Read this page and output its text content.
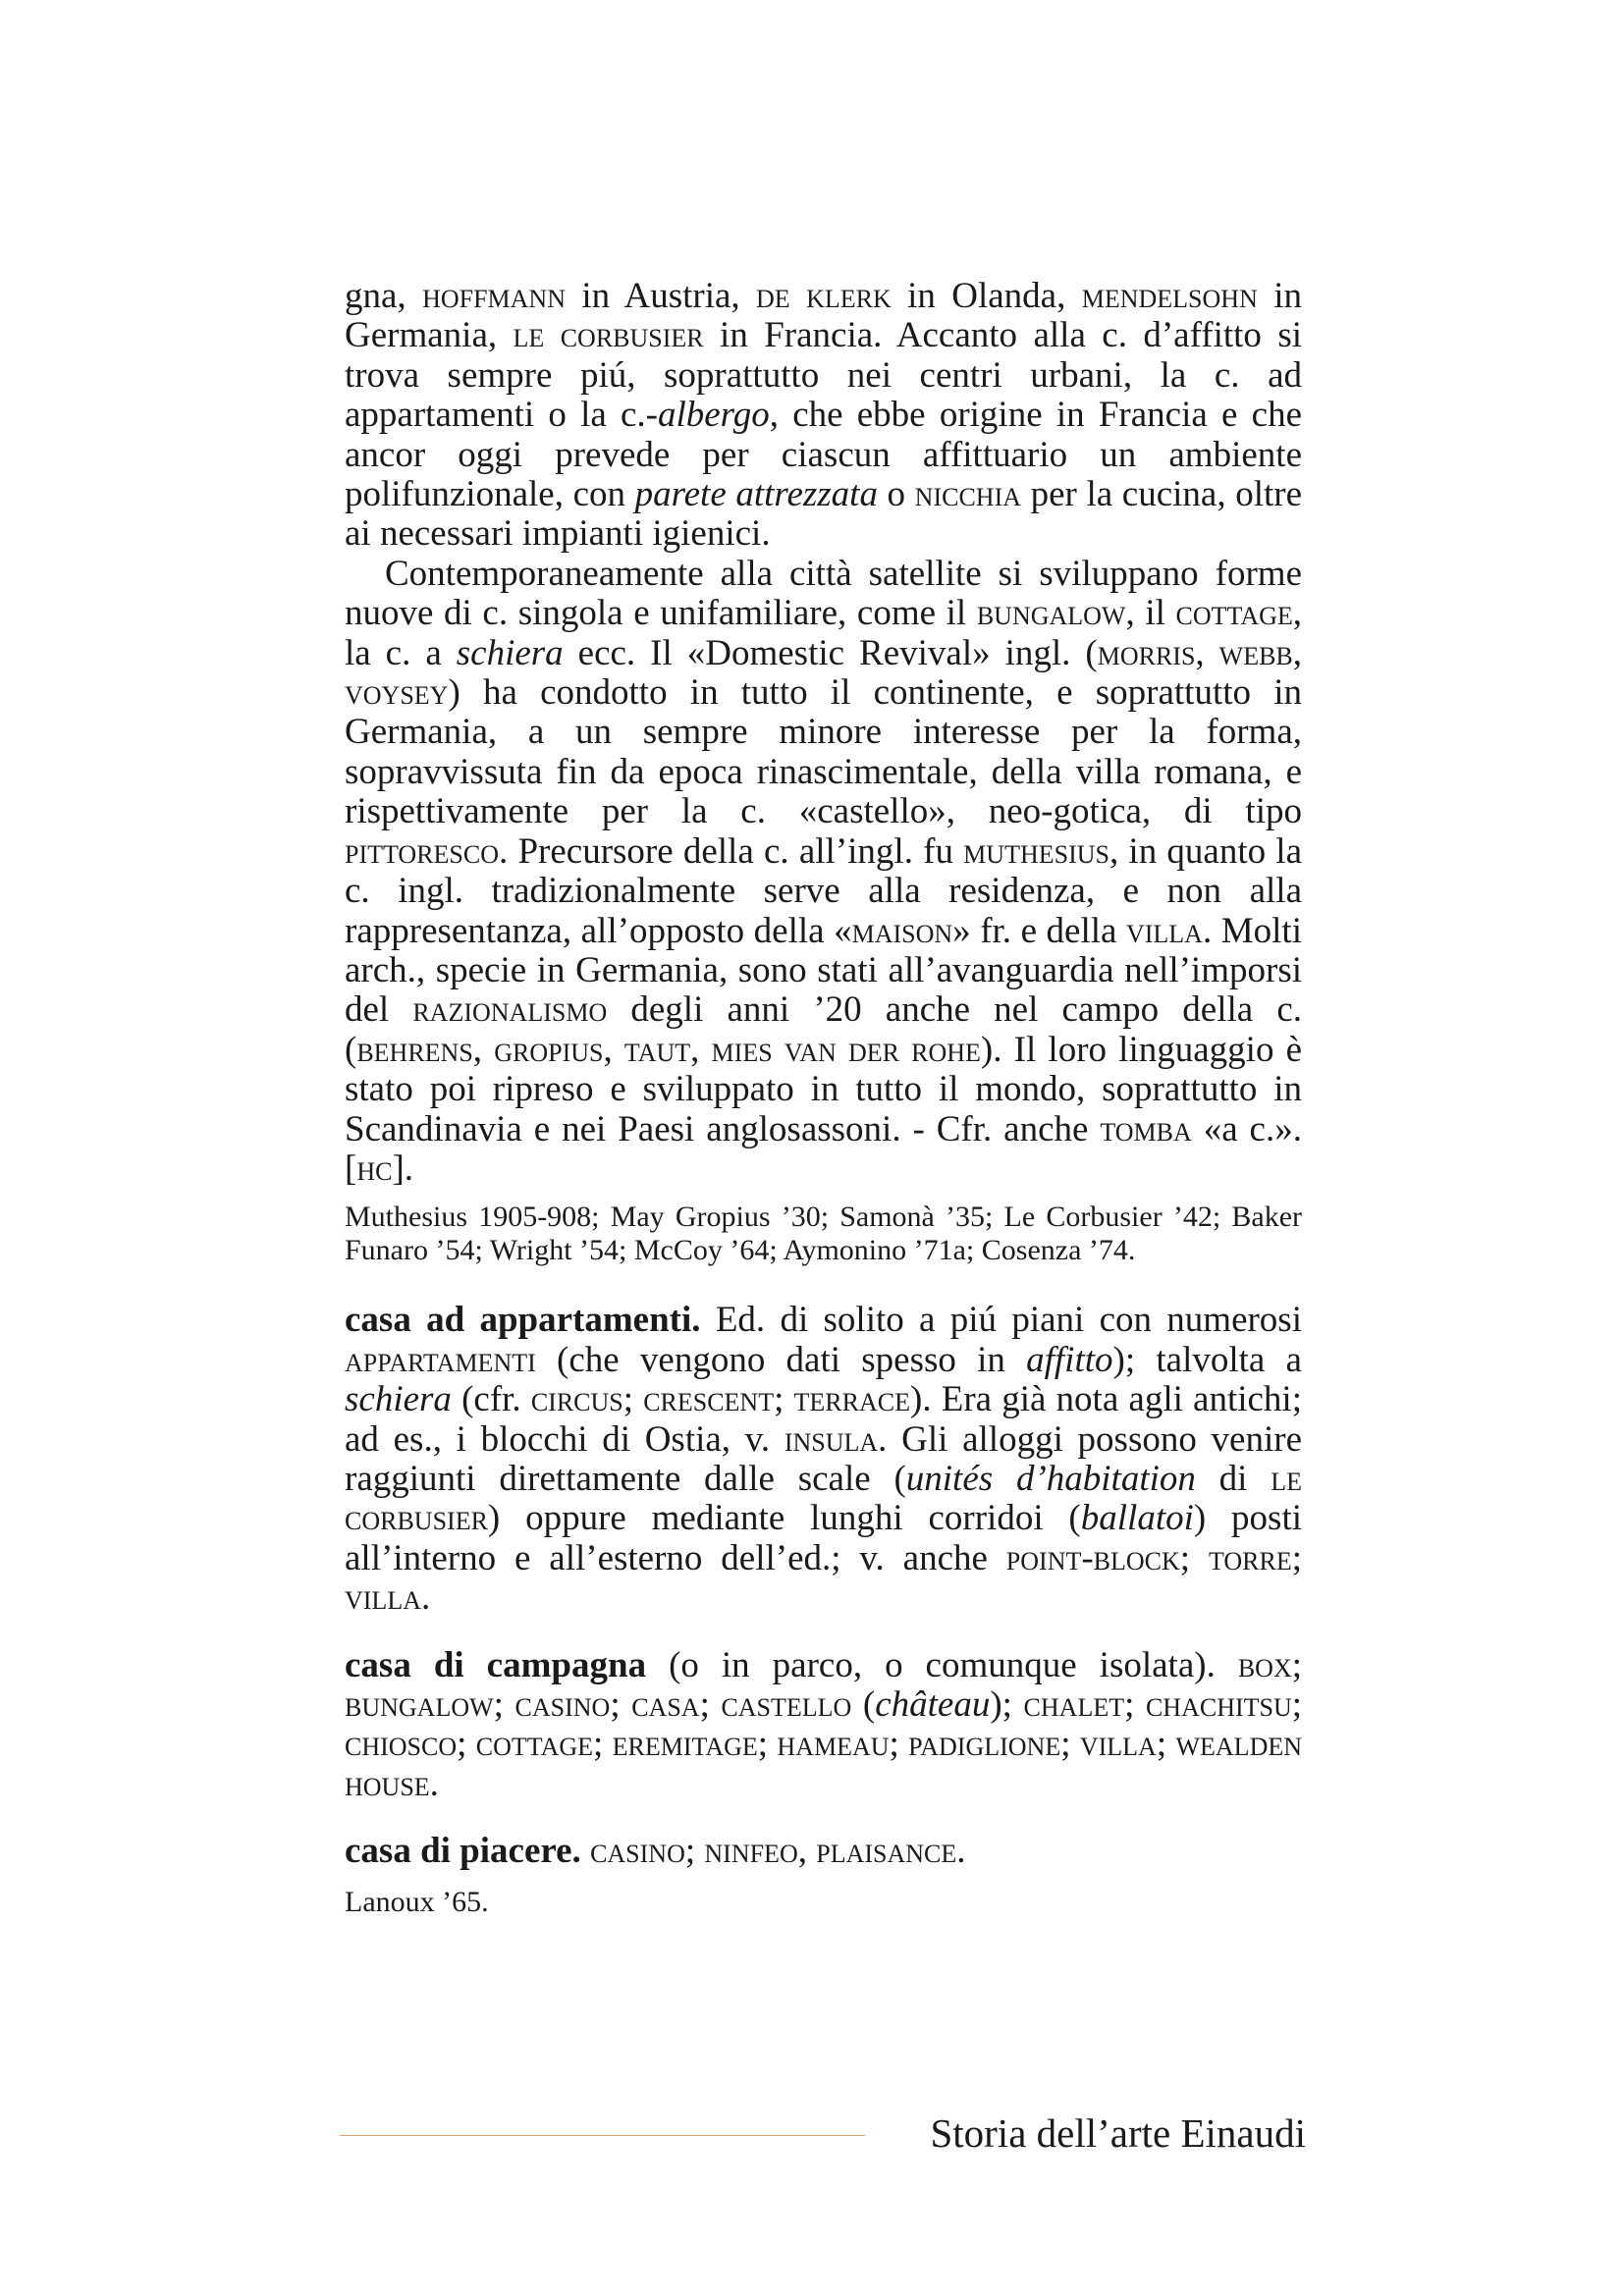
gna, hoffmann in Austria, de klerk in Olanda, mendelsohn in Germania, le corbusier in Francia. Accanto alla c. d’affitto si trova sempre piú, soprattutto nei centri urbani, la c. ad appartamenti o la c.-albergo, che ebbe origine in Francia e che ancor oggi prevede per ciascun affittuario un ambiente polifunzionale, con parete attrezzata o nicchia per la cucina, oltre ai necessari impianti igienici.

Contemporaneamente alla città satellite si sviluppano forme nuove di c. singola e unifamiliare, come il bungalow, il cottage, la c. a schiera ecc. Il «Domestic Revival» ingl. (morris, webb, voysey) ha condotto in tutto il continente, e soprattutto in Germania, a un sempre minore interesse per la forma, sopravvissuta fin da epoca rinascimentale, della villa romana, e rispettivamente per la c. «castello», neo-gotica, di tipo pittoresco. Precursore della c. all’ingl. fu muthesius, in quanto la c. ingl. tradizionalmente serve alla residenza, e non alla rappresentanza, all’opposto della «maison» fr. e della villa. Molti arch., specie in Germania, sono stati all’avanguardia nell’imporsi del razionalismo degli anni ’20 anche nel campo della c. (behrens, gropius, taut, mies van der rohe). Il loro linguaggio è stato poi ripreso e sviluppato in tutto il mondo, soprattutto in Scandinavia e nei Paesi anglosassoni. - Cfr. anche tomba «a c.». [hc].

Muthesius 1905-908; May Gropius ’30; Samonà ’35; Le Corbusier ’42; Baker Funaro ’54; Wright ’54; McCoy ’64; Aymonino ’71a; Cosenza ’74.

casa ad appartamenti. Ed. di solito a piú piani con numerosi appartamenti (che vengono dati spesso in affitto); talvolta a schiera (cfr. circus; crescent; terrace). Era già nota agli antichi; ad es., i blocchi di Ostia, v. insula. Gli alloggi possono venire raggiunti direttamente dalle scale (unités d’habitation di le corbusier) oppure mediante lunghi corridoi (ballatoi) posti all’interno e all’esterno dell’ed.; v. anche point-block; torre; villa.

casa di campagna (o in parco, o comunque isolata). box; bungalow; casino; casa; castello (château); chalet; chachitsu; chiosco; cottage; eremitage; hameau; padiglione; villa; wealden house.

casa di piacere. casino; ninfeo, plaisance.

Lanoux ’65.

Storia dell’arte Einaudi
